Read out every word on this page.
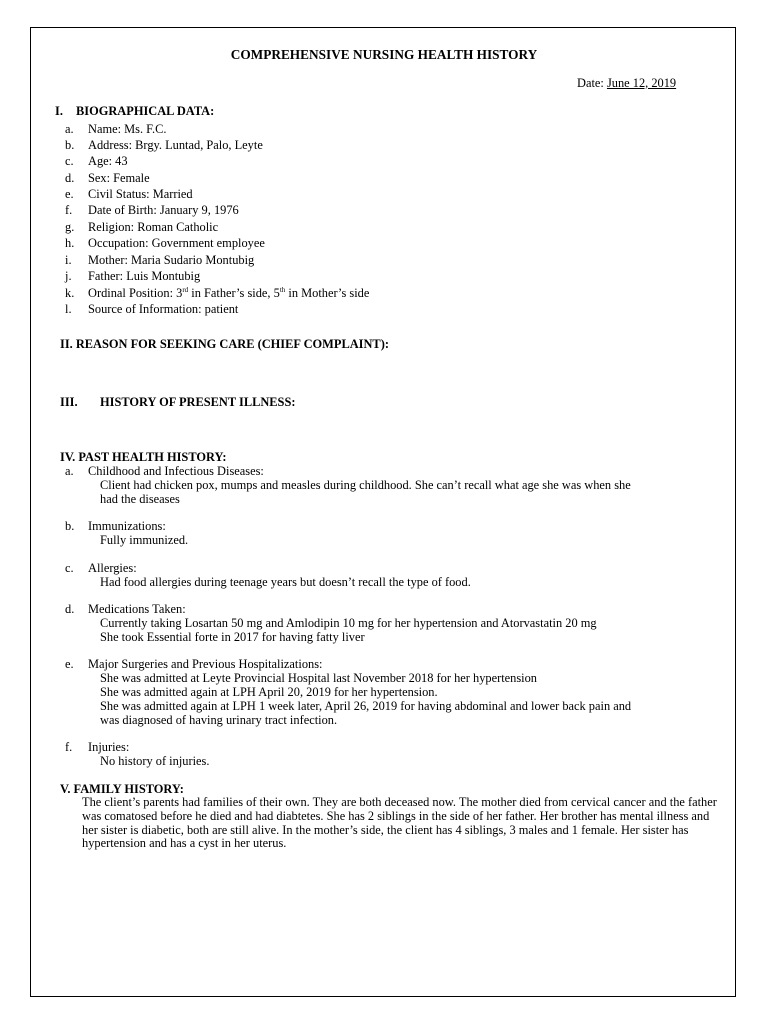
COMPREHENSIVE NURSING HEALTH HISTORY
Date: June 12, 2019
I. BIOGRAPHICAL DATA:
a. Name: Ms. F.C.
b. Address: Brgy. Luntad, Palo, Leyte
c. Age: 43
d. Sex: Female
e. Civil Status: Married
f. Date of Birth: January 9, 1976
g. Religion: Roman Catholic
h. Occupation: Government employee
i. Mother: Maria Sudario Montubig
j. Father: Luis Montubig
k. Ordinal Position: 3rd in Father’s side, 5th in Mother’s side
l. Source of Information: patient
II. REASON FOR SEEKING CARE (CHIEF COMPLAINT):
III. HISTORY OF PRESENT ILLNESS:
IV. PAST HEALTH HISTORY:
a. Childhood and Infectious Diseases:
Client had chicken pox, mumps and measles during childhood. She can’t recall what age she was when she
had the diseases
b. Immunizations:
Fully immunized.
c. Allergies:
Had food allergies during teenage years but doesn’t recall the type of food.
d. Medications Taken:
Currently taking Losartan 50 mg and Amlodipin 10 mg for her hypertension and Atorvastatin 20 mg
She took Essential forte in 2017 for having fatty liver
e. Major Surgeries and Previous Hospitalizations:
She was admitted at Leyte Provincial Hospital last November 2018 for her hypertension
She was admitted again at LPH April 20, 2019 for her hypertension.
She was admitted again at LPH 1 week later, April 26, 2019 for having abdominal and lower back pain and
was diagnosed of having urinary tract infection.
f. Injuries:
No history of injuries.
V. FAMILY HISTORY:
The client’s parents had families of their own. They are both deceased now. The mother died from cervical cancer and the father was comatosed before he died and had diabtetes. She has 2 siblings in the side of her father. Her brother has mental illness and her sister is diabetic, both are still alive. In the mother’s side, the client has 4 siblings, 3 males and 1 female. Her sister has hypertension and has a cyst in her uterus.
